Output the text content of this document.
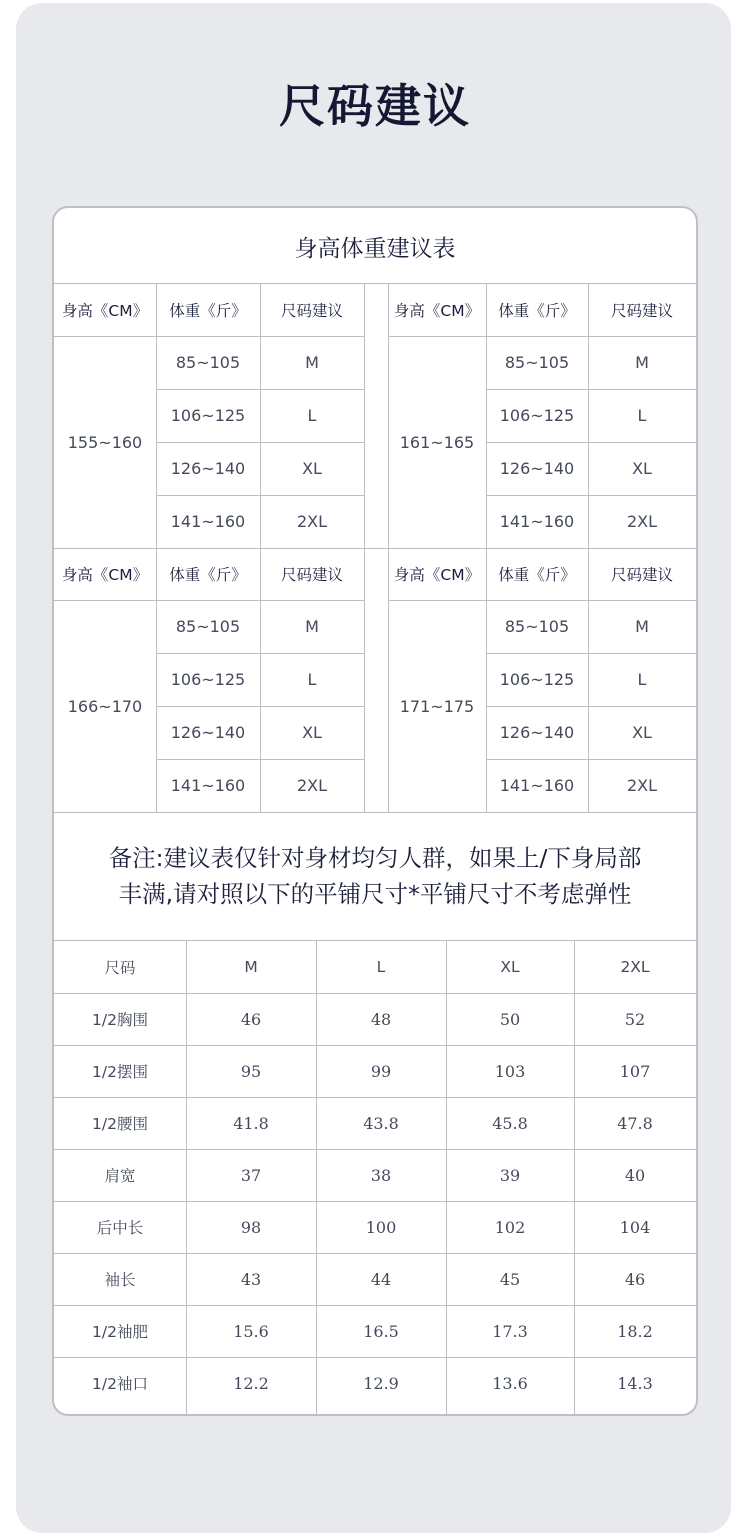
尺码建议
身高体重建议表
备注:建议表仅针对身材均匀人群，如果上/下身局部
丰满,请对照以下的平铺尺寸*平铺尺寸不考虑弹性
身高《CM》	体重《斤》	尺码建议
155~160
85~105	M
106~125	L
126~140	XL
141~160	2XL
身高《CM》	体重《斤》	尺码建议
161~165
85~105	M
106~125	L
126~140	XL
141~160	2XL
身高《CM》	体重《斤》	尺码建议
166~170
85~105	M
106~125	L
126~140	XL
141~160	2XL
身高《CM》	体重《斤》	尺码建议
171~175
85~105	M
106~125	L
126~140	XL
141~160	2XL
尺码	M	L	XL	2XL
1/2胸围	46	48	50	52
1/2摆围	95	99	103	107
1/2腰围	41.8	43.8	45.8	47.8
肩宽	37	38	39	40
后中长	98	100	102	104
袖长	43	44	45	46
1/2袖肥	15.6	16.5	17.3	18.2
1/2袖口	12.2	12.9	13.6	14.3
